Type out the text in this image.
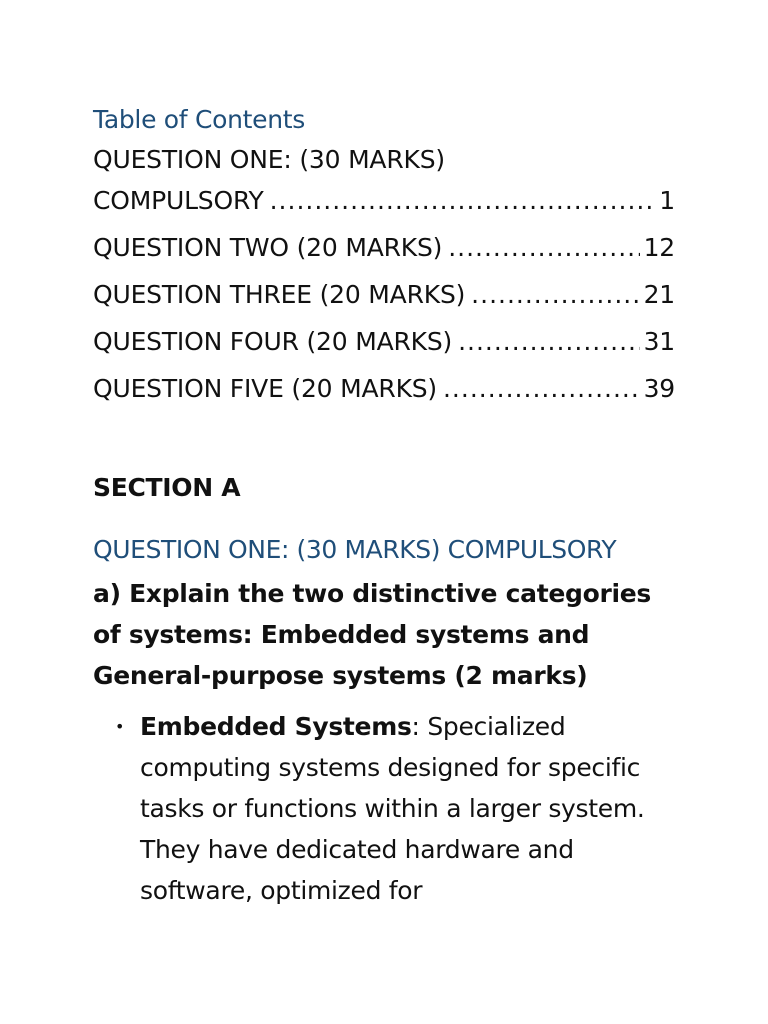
Table of Contents
QUESTION ONE: (30 MARKS)
COMPULSORY .....	1
QUESTION TWO (20 MARKS) .....	12
QUESTION THREE (20 MARKS) .....	21
QUESTION FOUR (20 MARKS) .....	31
QUESTION FIVE (20 MARKS) .....	39
SECTION A
QUESTION ONE: (30 MARKS) COMPULSORY
a) Explain the two distinctive categories of systems: Embedded systems and General-purpose systems (2 marks)
• Embedded Systems: Specialized computing systems designed for specific tasks or functions within a larger system. They have dedicated hardware and software, optimized for
